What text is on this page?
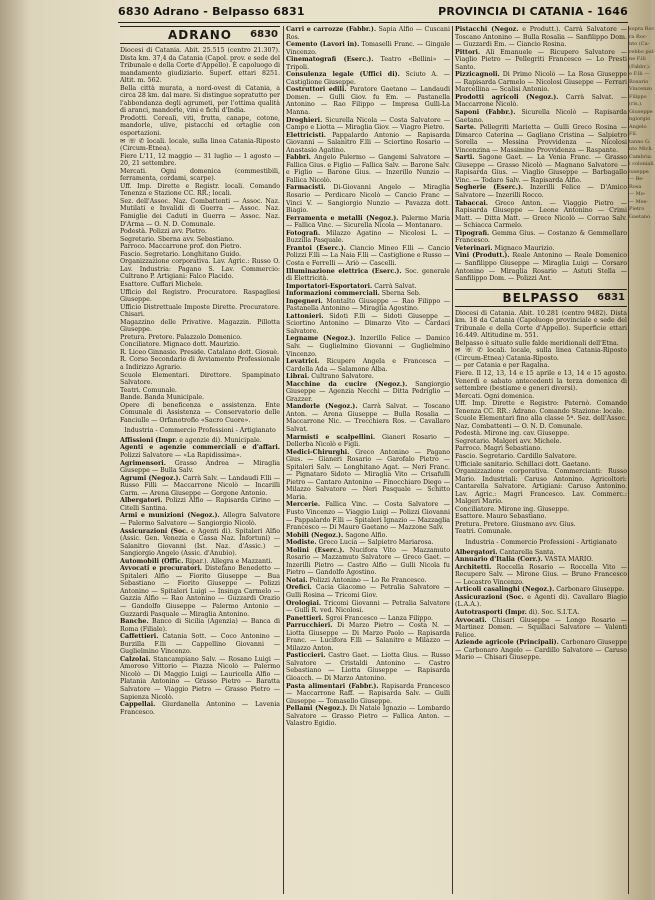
6830 Adrano - Belpasso 6831	PROVINCIA DI CATANIA - 1646
ADRANO	6830

Diocesi di Catania. Abit. 25.515 (centro 21.307). Dista km. 37,4 da Catania (Capol. prov. e sede del Tribunale e della Corte d'Appello). È capoluogo di mandamento giudiziario. Superf. ettari 8251. Altit. m. 562.

Bella città murata, a nord-ovest di Catania, a circa 28 km. dal mare. Si distingue sopratutto per l'abbondanza degli agrumeti, per l'ottima qualità di aranci, mandorle, vini e fichi d'India.

Prodotti. Cereali, viti, frutta, canape, cotone, mandorle, ulive, pistacchi ed ortaglie con esportazioni.

✉ ☏ ✆ locali. locale, sulla linea Catania-Riposto (Circum-Etnea).

Fiere L'11, 12 maggio — 31 luglio — 1 agosto — 20, 21 settembre.

Mercati. Ogni domenica (commestibili, ferramenta, cordami, scarpe).

Uff. Imp. Dirette e Registr. locali. Comando Tenenza e Stazione CC. RR.; locali.

Sez. dell'Assoc. Naz. Combattenti — Assoc. Naz. Mutilati e Invalidi di Guerra — Assoc. Naz. Famiglie dei Caduti in Guerra — Assoc. Naz. D'Arma — O. N. D. Comunale.

Podestà. Polizzi avv. Pietro.

Segretario. Sberna avv. Sebastiano.

Parroco. Maccarrone prof. don Pietro.

Fascio. Segretario. Longhitano Guido.

Organizzazione corporativa. Lav. Agric.: Russo O. Lav. Industria: Pagano S. Lav. Commercio: Cultrano P. Artigiani: Falco Placido.

Esattore. Cuffari Michele.

Ufficio del Registro. Procuratore. Raspagliesi Giuseppe.

Ufficio Distrettuale Imposte Dirette. Procuratore. Chisari.

Magazzino delle Privative. Magazzin. Pillotta Giuseppe.

Pretura. Pretore. Palazzolo Domenico.

Conciliatore. Mignaco dott. Maurizio.

R. Liceo Ginnasio. Preside. Catalano dott. Giosuè.

R. Corso Secondario di Avviamento Professionale a Indirizzo Agrario.

Scuole Elementari. Direttore. Spampinato Salvatore.

Teatri. Comunale.

Bande. Banda Municipale.

Opere di beneficenza e assistenza. Ente Comunale di Assistenza — Conservatorio delle Fanciulle — Orfanotrofio «Sacro Cuore».

Industria - Commercio Professioni - Artigianato

Affissioni (Impr. e agenzie di). Municipale.

Agenti e agenzie commerciali e d'affari. Polizzi Salvatore — «La Rapidissima».

Agrimensori. Grasso Andrea — Miraglia Giuseppe — Bulla Salv.

Agrumi (Negoz.). Carrà Salv. — Landaudi F.lli — Russo Filli — Maccarrone Nicolò — Incarilli Carm. — Arena Giuseppe — Gorgone Antonio.

Albergatori. Polizzi Alfio — Rapisarda Cirino — Citelli Santina.

Armi e munizioni (Negoz.). Allegra Salvatore — Palermo Salvatore — Sangiorgio Nicolò.

Assicurazioni (Soc. e Agenti di). Spitaleri Alfio (Assic. Gen. Venezia e Cassa Naz. Infortuni) — Salanitro Giovanni (Ist. Naz. d'Assic.) — Sangiorgio Angelo (Assic. d'Anubio).

Automobili (Offic. Ripar.). Allegra e Mazzanti.

Avvocati e procuratori. Distefano Benedetto — Spitaleri Alfio — Fiorito Giuseppe — Bua Sebastiano — Fiorito Giuseppe — Polizzi Antonino — Spitaleri Luigi — Insinga Carmelo — Gazzia Alfio — Rao Antonino — Guzzardi Orazio — Gandolfo Giuseppe — Palermo Antonio — Guzzardi Pasquale — Miraglia Antonino.

Banche. Banco di Sicilia (Agenzia) — Banca di Roma (Filiale).

Caffettieri. Catania Sott. — Coco Antonino — Burzilla F.lli — Cappellino Giovanni — Guglielmino Vincenzo.

Calzolai. Stancampiano Salv. — Rosano Luigi — Amoroso Vittorio — Piazza Nicolò — Palermo Nicolò — Di Maggio Luigi — Lauricella Alfio — Platania Antonino — Grasso Pietro — Baratta Salvatore — Viaggio Pietro — Grasso Pietro — Sapienza Nicolò.

Cappellai. Giurdanella Antonino — Lavenia Francesco.

Carri e carrozze (Fabbr.). Sapia Alfio — Cuscani Ros.

Cemento (Lavori in). Tomaselli Franc. — Gingale Vincenzo.

Cinematografi (Eserc.). Teatro «Bellini» — Tripoli.

Consulenza legale (Uffici di). Sciuto A. — Castiglione Giuseppe.

Costruttori edili. Paratore Gaetano — Landaudi Domen. — Gulli Giov. fu Em. — Pastanella Antonino — Rao Filippo — Impresa Gulli-La Manna.

Droghieri. Sicurella Nicola — Costa Salvatore — Campo e Liotta — Miraglia Giov. — Viagro Pietro.

Elettricisti. Pappalardo Antonio — Rapisarda Giovanni — Salanitro F.lli — Sciortino Rosario — Anastasio Agatino.

Fabbri. Angelo Palermo — Gangemi Salvatore — Fallica Gius. e Figlio — Fallica Salv. — Barone Salv. e Figlio — Barone Gius. — Inzerillo Nunzio — Fallica Nicolò.

Farmacisti. Di-Giovanni Angelo — Miraglia Rosario — Perdicaro Nicolò — Cancio Franc — Vinci V. — Sangiorgio Nunzio — Pavazza dott. Biagio.

Ferramenta e metalli (Negoz.). Palermo Maria — Fallica Vinc. — Sicurella Nicola — Montanaro.

Fotografi. Milazzo Agatino — Nicolosi L. — Buzzilla Pasquale.

Frantoi (Eserc.). Ciancio Mineo F.lli — Cancio Polizzi F.lli — La Naia F.lli — Castiglione e Russo — Costa e Ferrelli — Ariò — Cascelli.

Illuminazione elettrica (Eserc.). Soc. generale di Elettricità.

Importatori-Esportatori. Carrà Salvat.

Informazioni commerciali. Sberna Seb.

Ingegneri. Montalto Giuseppe — Rao Filippo — Pastanella Antonino — Miraglia Agostino.

Lattonieri. Sidoti F.lli — Sidoti Giuseppe — Sciortino Antonino — Dimarzo Vito — Cardaci Salvatore.

Legname (Negoz.). Inzerillo Felice — Damico Salv. — Guglielmino Giovanni — Guglielmino Vincenzo.

Levatrici. Ricupero Angela e Francesca — Cardella Ada — Salamone Alba.

Librai. Cultrano Salvatore.

Macchine da cucire (Negoz.). Sangiorgio Giuseppe — Agenzia Necchi — Ditta Pedriglio — Grazzer.

Mandorle (Negoz.). Carrà Salvat. — Toscano Anton. — Arena Giuseppe — Bulla Rosalia — Maccarrone Nic. — Trecchiera Ros. — Cavallaro Salvat.

Marmisti e scalpellini. Gianeri Rosario — Dellerba Nicolò e Figli.

Medici-Chirurghi. Greco Antonino — Pagano Gius. — Gianeri Rosario — Garofalo Pietro — Spitaleri Salv. — Longhitano Agat. — Neri Franc. — Pignataro Sidoto — Miraglia Vito — Crisafulli Pietro — Cantaro Antonino — Finocchiaro Diego — Milazzo Salvatore — Neri Pasquale — Schitto Maria.

Mercerie. Fallica Vinc. — Costa Salvatore — Fusto Vincenzo — Viaggio Luigi — Polizzi Giovanni — Pappalardo F.lli — Spitaleri Ignazio — Mazzaglia Francesco — Di Mauro Gaetano — Mazzone Salv.

Mobili (Negoz.). Sagone Alfio.

Modiste. Greco Lucia — Salpietro Mariarosa.

Molini (Eserc.). Nucifora Vito — Mazzamuto Rosario — Mazzamuto Salvatore — Greco Gaet. — Inzerilli Pietro — Castro Alfio — Gulli Nicola fu Pietro — Gandolfo Agostino.

Notai. Polizzi Antonino — Lo Re Francesco.

Orefici. Cacia Giacomo — Petralia Salvatore — Gulli Rosina — Tricomi Giov.

Orologiai. Tricomi Giovanni — Petralia Salvatore — Gulli R. ved. Nicolosi.

Panettieri. Sgroi Francesco — Lanza Filippo.

Parrucchieri. Di Marzo Pietro — Costa N. — Liotta Giuseppe — Di Marzo Paolo — Rapisarda Franc. — Lucifora F.lli — Salanitro e Milazzo — Milazzo Anton.

Pasticcieri. Castro Gaet. — Liotta Gius. — Russo Salvatore — Cristaldi Antonino — Castro Sebastiano — Liotta Giuseppe — Rapisarda Gioacch. — Di Marzo Antonino.

Pasta alimentari (Fabbr.). Rapisarda Francesco — Maccarrone Raff. — Rapisarda Salv. — Gulli Giuseppe — Tomasello Giuseppe.

Pellami (Negoz.). Di Natale Ignazio — Lombardo Salvatore — Grasso Pietro — Fallica Anton. — Valastro Egidio.

Pistacchi (Negoz. e Produtt.). Carrà Salvatore — Toscano Antonino — Bulla Rosalia — Sanfilippo Dom. — Guzzardi Em. — Ciancio Rosina.

Pittori. Ali Emanuele — Ricupero Salvatore — Viaglio Pietro — Pellegriti Francesco — Lo Presti Santo.

Pizzicagnoli. Di Primo Nicolò — La Rosa Giuseppe — Rapisarda Carmelo — Nicolosi Giuseppe — Ferrari Marcellina — Scalisi Antonio.

Prodotti agricoli (Negoz.). Carrà Salvat. — Maccarrone Nicolò.

Saponi (Fabbr.). Sicurella Nicolò — Rapisarda Gaetano.

Sarte. Pellegriti Marietta — Gulli Greco Rosina — Dimarco Caterina — Gagliano Cristina — Salpietro Sorella — Messina Provvidenza — Nicolosi Vincenzina — Massimino Provvidenza — Raspante.

Sarti. Sagone Gaet. — La Venia Franc. — Grasso Giuseppe — Grasso Nicolò — Magnano Salvatore — Rapisarda Gius. — Viaglio Giuseppe — Barbagallo Vinc. — Todaro Salv. — Rapisarda Alfio.

Segherie (Eserc.). Inzerilli Felice — D'Amico Salvatore — Inzerilli Rocco.

Tabaccai. Greco Anton. — Viaggio Pietro — Rapisarda Giuseppe — Leone Antonino — Crimi Matt. — Ditta Matt. — Greco Nicolò — Corrao Salv. — Schiacca Carmelo.

Tipografi. Gemma Gius. — Costanzo & Gemmellaro Francesco.

Veterinari. Mignaco Maurizio.

Vini (Produtt.). Reale Antonino — Reale Domenico — Sanfilippo Giuseppe — Miraglia Luigi — Corsaro Antonino — Miraglia Rosario — Astuti Stella — Sanfilippo Dom. — Polizzi Ant.

BELPASSO	6831

Diocesi di Catania. Abit. 10.281 (centro 9482). Dista km. 18 da Catania (Capoluogo provinciale e sede del Tribunale e della Corte d'Appello). Superficie ettari 16.449. Altitudine m. 551.

Belpasso è situato sulle falde meridionali dell'Etna.

✉ ☏ ✆ locali. locale, sulla linea Catania-Riposto (Circum-Etnea) Catania-Riposto.

— per Catania e per Ragalna.

Fiere. Il 12, 13, 14 e 15 aprile e 13, 14 e 15 agosto. Venerdì e sabato antecedenti la terza domenica di settembre (bestiame e generi diversi).

Mercati. Ogni domenica.

Uff. Imp. Dirette e Registro: Paternò. Comando Tenenza CC. RR.: Adrano. Comando Stazione: locale.

Scuole Elementari fino alla classe 5ª. Sez. dell'Assoc. Naz. Combattenti — O. N. D. Comunale.

Podestà. Mirone ing. cav. Giuseppe.

Segretario. Malgeri avv. Michele.

Parroco. Magrì Sebastiano.

Fascio. Segretario. Cardillo Salvatore.

Ufficiale sanitario. Schillaci dott. Gaetano.

Organizzazione corporativa. Commercianti: Russo Mario. Industriali: Caruso Antonino. Agricoltori: Cantarella Salvatore. Artigiani: Caruso Antonino. Lav. Agric.: Magrì Francesco. Lav. Commerc.: Malgeri Mario.

Conciliatore. Mirone ing. Giuseppe.

Esattore. Mauro Sebastiano.

Pretura. Pretore. Giusmano avv. Gius.

Teatri. Comunale.

Industria - Commercio Professioni - Artigianato

Albergatori. Cantarella Santa.

Annuario d'Italia (Corr.). VASTA MARIO.

Architetti. Roccella Rosario — Roccella Vito — Recupero Salv. — Mirone Gius. — Bruno Francesco — Locastro Vincenzo.

Articoli casalinghi (Negoz.). Carbonaro Giuseppe.

Assicurazioni (Soc. e Agenti di). Cavallaro Biagio (L.A.A.).

Autotrasporti (Impr. di). Soc. S.I.T.A.

Avvocati. Chisari Giuseppe — Longo Rosario — Martinez Domen. — Squillaci Salvatore — Valenti Felice.

Aziende agricole (Principali). Carbonaro Giuseppe — Carbonaro Angelo — Cardillo Salvatore — Caruso Mario — Chisari Giuseppe.

sopra Roc
ra Roc-
nto (Ca-
rebbo pul-
ne F.lli
(Fabbr.).
e F.lli —
Rosario
Vincenzo
Filippo
(ris.).
Giuseppe
ngiorgio
Angelo
Fil.
tanno G.
nto Mich.
Cambria.
i coloniali
iuseppe
— Be-
Rosa
— Mo-
— Mes-
Pietro
Gaetano
